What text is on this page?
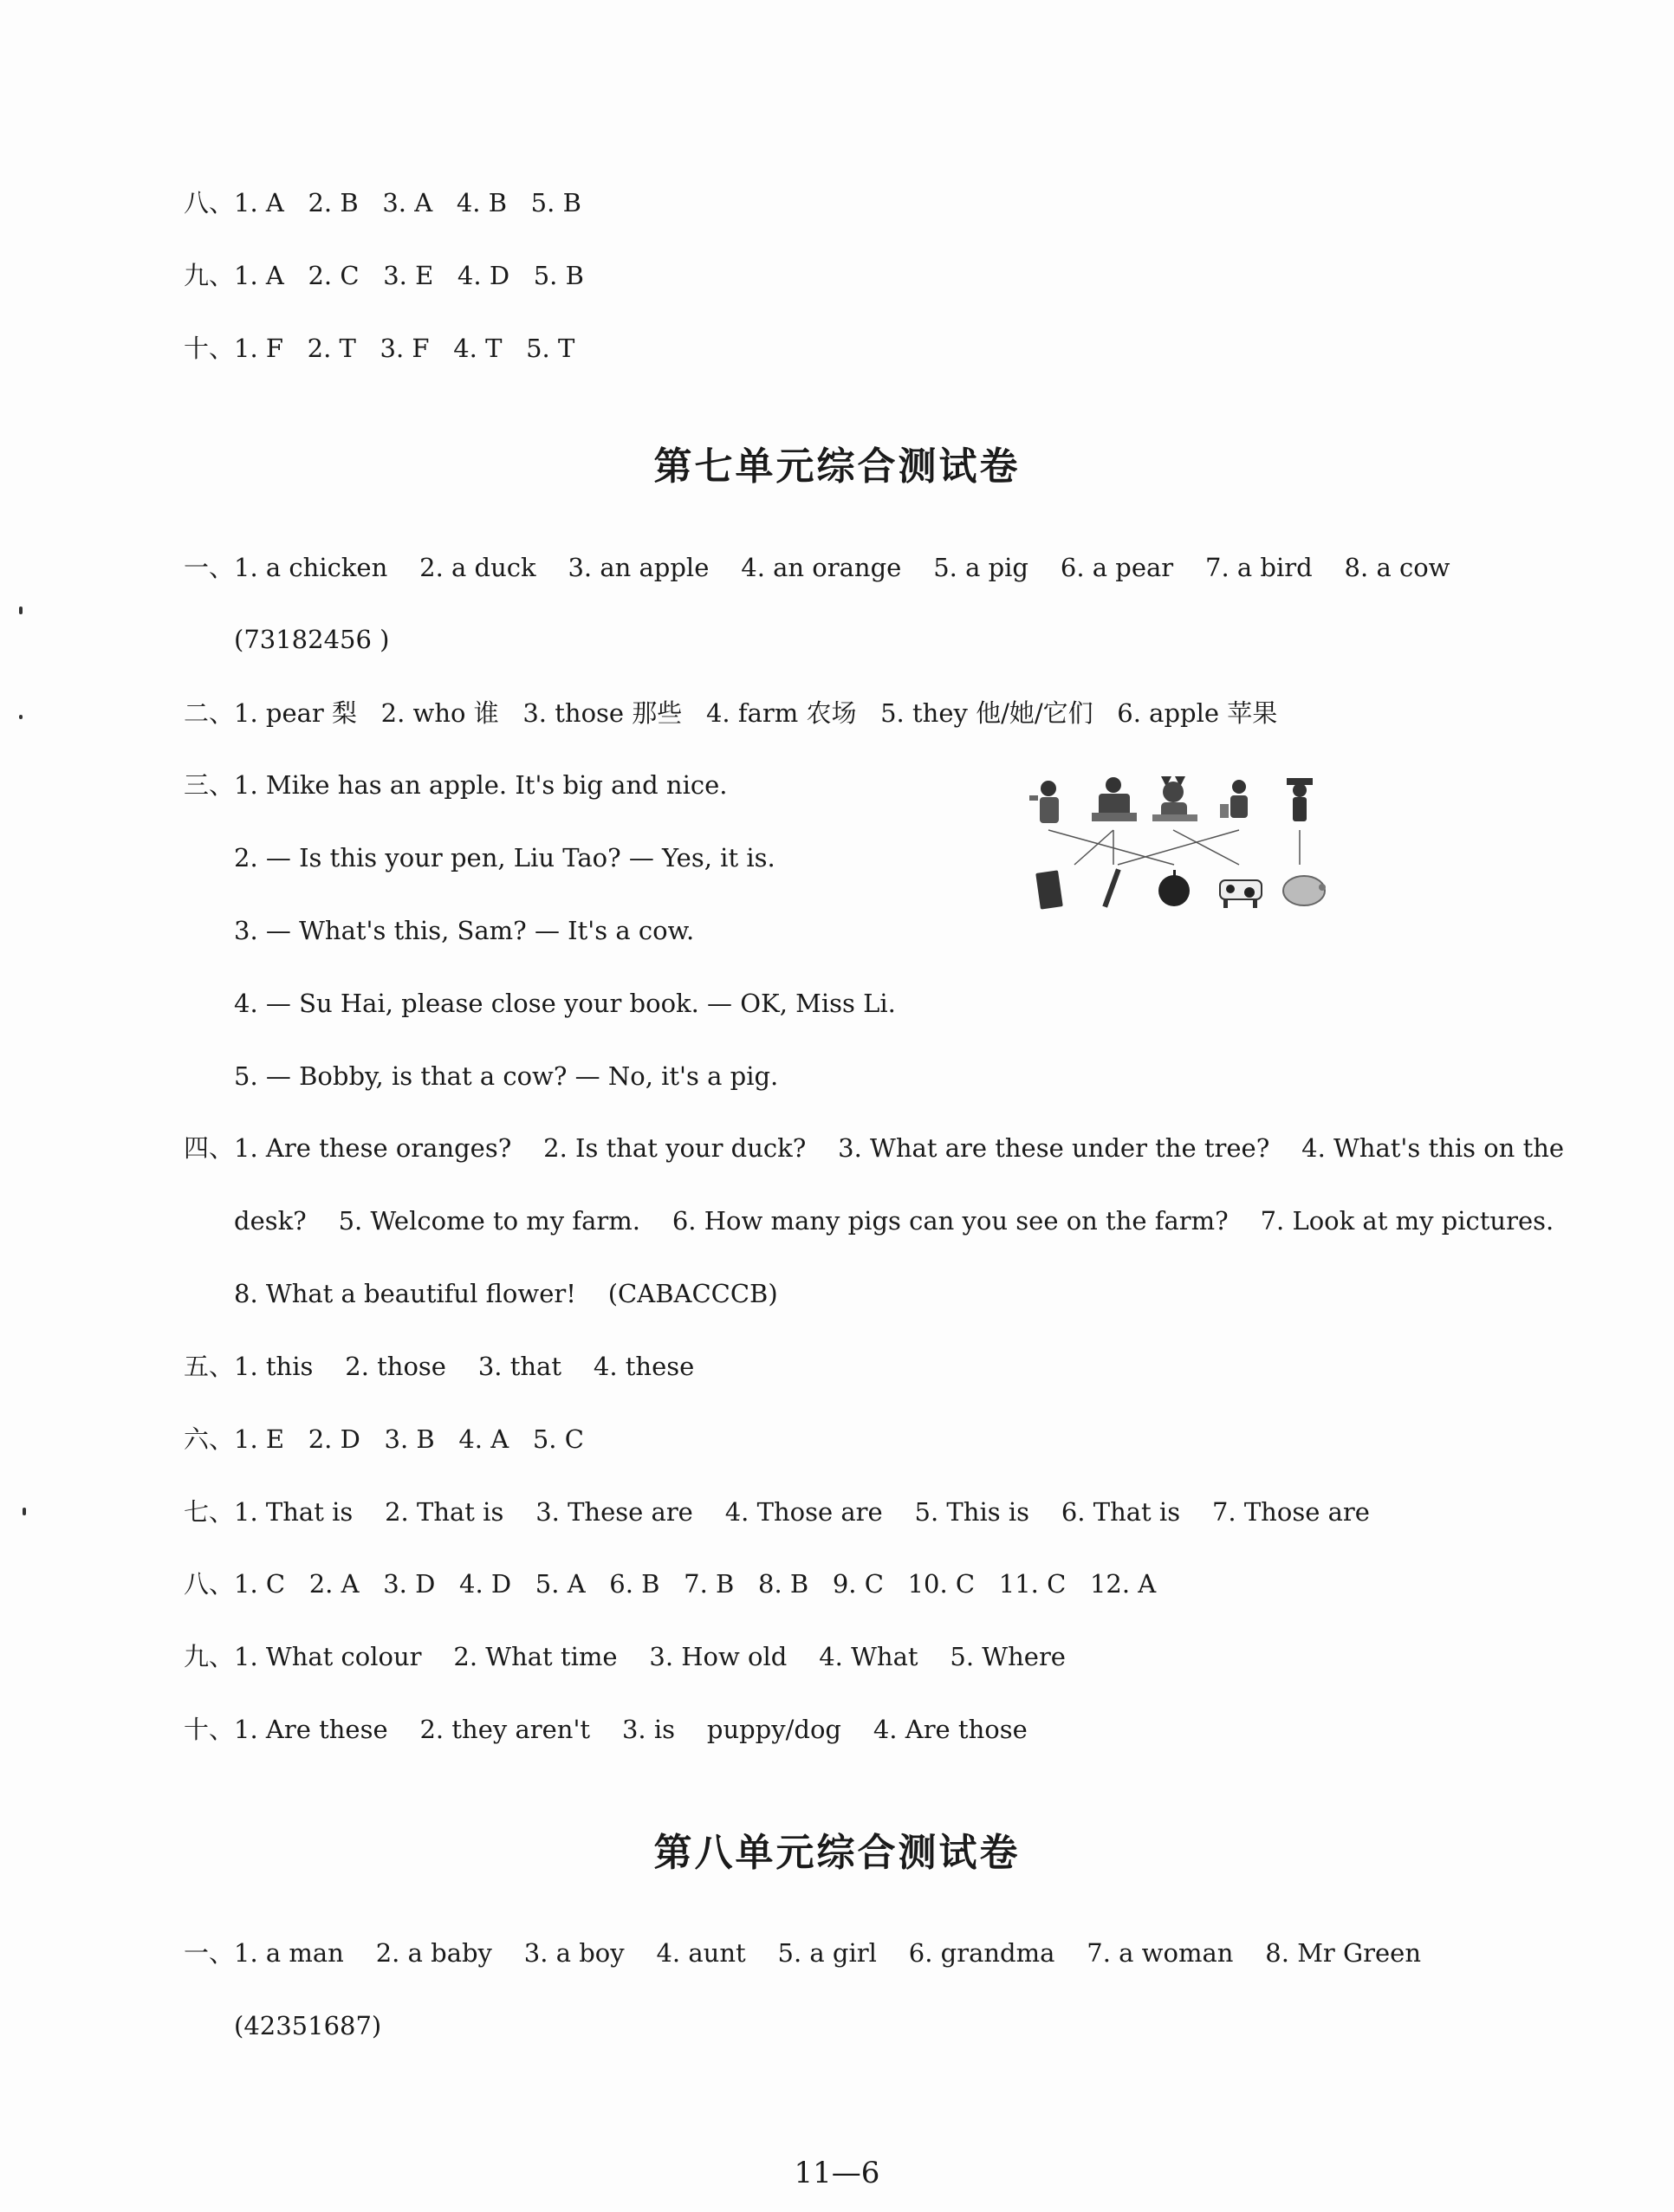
八、1. A   2. B   3. A   4. B   5. B
九、1. A   2. C   3. E   4. D   5. B
十、1. F   2. T   3. F   4. T   5. T
第七单元综合测试卷
一、1. a chicken    2. a duck    3. an apple    4. an orange    5. a pig    6. a pear    7. a bird    8. a cow
(73182456 )
二、1. pear 梨   2. who 谁   3. those 那些   4. farm 农场   5. they 他/她/它们   6. apple 苹果
三、1. Mike has an apple. It's big and nice.
2. — Is this your pen, Liu Tao? — Yes, it is.
3. — What's this, Sam? — It's a cow.
4. — Su Hai, please close your book. — OK, Miss Li.
5. — Bobby, is that a cow? — No, it's a pig.
四、1. Are these oranges?    2. Is that your duck?    3. What are these under the tree?    4. What's this on the
desk?    5. Welcome to my farm.    6. How many pigs can you see on the farm?    7. Look at my pictures.
8. What a beautiful flower!    (CABACCCB)
五、1. this    2. those    3. that    4. these
六、1. E   2. D   3. B   4. A   5. C
七、1. That is    2. That is    3. These are    4. Those are    5. This is    6. That is    7. Those are
八、1. C   2. A   3. D   4. D   5. A   6. B   7. B   8. B   9. C   10. C   11. C   12. A
九、1. What colour    2. What time    3. How old    4. What    5. Where
十、1. Are these    2. they aren't    3. is    puppy/dog    4. Are those
第八单元综合测试卷
一、1. a man    2. a baby    3. a boy    4. aunt    5. a girl    6. grandma    7. a woman    8. Mr Green
(42351687)
11—6
